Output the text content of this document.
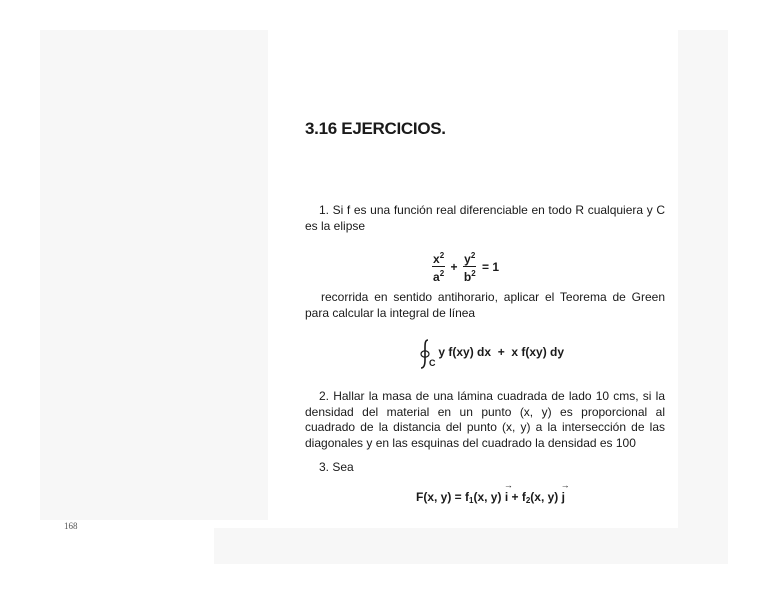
168
3.16 EJERCICIOS.
1. Si f es una función real diferenciable en todo R cualquiera y C es la elipse
$\frac{x^2}{a^2} + \frac{y^2}{b^2} = 1$
recorrida en sentido antihorario, aplicar el Teorema de Green para calcular la integral de línea
C
y f(xy) dx  +  x f(xy) dy
2. Hallar la masa de una lámina cuadrada de lado 10 cms, si la densidad del material en un punto (x, y) es proporcional al cuadrado de la distancia del punto (x, y) a la intersección de las diagonales y en las esquinas del cuadrado la densidad es 100
3. Sea
F(x, $y) = f_1(x$, $y) \to i + f_2(x$, y) → j
